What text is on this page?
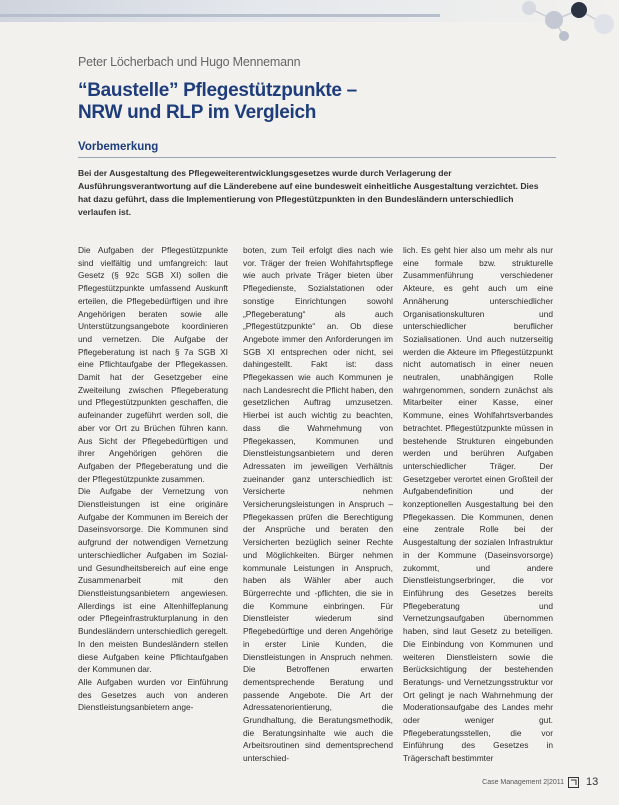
Peter Löcherbach und Hugo Mennemann
“Baustelle” Pflegestützpunkte –
NRW und RLP im Vergleich
Vorbemerkung
Bei der Ausgestaltung des Pflegeweiterentwicklungsgesetzes wurde durch Verlagerung der Ausführungsverantwortung auf die Länderebene auf eine bundesweit einheitliche Ausgestaltung verzichtet. Dies hat dazu geführt, dass die Implementierung von Pflegestützpunkten in den Bundesländern unterschiedlich verlaufen ist.

Die Aufgaben der Pflegestützpunkte sind vielfältig und umfangreich: laut Gesetz (§ 92c SGB XI) sollen die Pflegestützpunkte umfassend Auskunft erteilen, die Pflegebedürftigen und ihre Angehörigen beraten sowie alle Unterstützungsangebote koordinieren und vernetzen. Die Aufgabe der Pflegeberatung ist nach § 7a SGB XI eine Pflichtaufgabe der Pflegekassen. Damit hat der Gesetzgeber eine Zweiteilung zwischen Pflegeberatung und Pflegestützpunkten geschaffen, die aufeinander zugeführt werden soll, die aber vor Ort zu Brüchen führen kann. Aus Sicht der Pflegebedürftigen und ihrer Angehörigen gehören die Aufgaben der Pflegeberatung und die der Pflegestützpunkte zusammen.

Die Aufgabe der Vernetzung von Dienstleistungen ist eine originäre Aufgabe der Kommunen im Bereich der Daseinsvorsorge. Die Kommunen sind aufgrund der notwendigen Vernetzung unterschiedlicher Aufgaben im Sozial- und Gesundheitsbereich auf eine enge Zusammenarbeit mit den Dienstleistungsanbietern angewiesen. Allerdings ist eine Altenhilfeplanung oder Pflegeinfrastrukturplanung in den Bundesländern unterschiedlich geregelt. In den meisten Bundesländern stellen diese Aufgaben keine Pflichtaufgaben der Kommunen dar.

Alle Aufgaben wurden vor Einführung des Gesetzes auch von anderen Dienstleistungsanbietern ange-

boten, zum Teil erfolgt dies nach wie vor. Träger der freien Wohlfahrtspflege wie auch private Träger bieten über Pflegedienste, Sozialstationen oder sonstige Einrichtungen sowohl „Pflegeberatung“ als auch „Pflegestützpunkte“ an. Ob diese Angebote immer den Anforderungen im SGB XI entsprechen oder nicht, sei dahingestellt. Fakt ist: dass Pflegekassen wie auch Kommunen je nach Landesrecht die Pflicht haben, den gesetzlichen Auftrag umzusetzen. Hierbei ist auch wichtig zu beachten, dass die Wahrnehmung von Pflegekassen, Kommunen und Dienstleistungsanbietern und deren Adressaten im jeweiligen Verhältnis zueinander ganz unterschiedlich ist: Versicherte nehmen Versicherungsleistungen in Anspruch – Pflegekassen prüfen die Berechtigung der Ansprüche und beraten den Versicherten bezüglich seiner Rechte und Möglichkeiten. Bürger nehmen kommunale Leistungen in Anspruch, haben als Wähler aber auch Bürgerrechte und -pflichten, die sie in die Kommune einbringen. Für Dienstleister wiederum sind Pflegebedürftige und deren Angehörige in erster Linie Kunden, die Dienstleistungen in Anspruch nehmen. Die Betroffenen erwarten dementsprechende Beratung und passende Angebote. Die Art der Adressatenorientierung, die Grundhaltung, die Beratungsmethodik, die Beratungsinhalte wie auch die Arbeitsroutinen sind dementsprechend unterschied-

lich. Es geht hier also um mehr als nur eine formale bzw. strukturelle Zusammenführung verschiedener Akteure, es geht auch um eine Annäherung unterschiedlicher Organisationskulturen und unterschiedlicher beruflicher Sozialisationen. Und auch nutzerseitig werden die Akteure im Pflegestützpunkt nicht automatisch in einer neuen neutralen, unabhängigen Rolle wahrgenommen, sondern zunächst als Mitarbeiter einer Kasse, einer Kommune, eines Wohlfahrtsverbandes betrachtet. Pflegestützpunkte müssen in bestehende Strukturen eingebunden werden und berühren Aufgaben unterschiedlicher Träger. Der Gesetzgeber verortet einen Großteil der Aufgabendefinition und der konzeptionellen Ausgestaltung bei den Pflegekassen. Die Kommunen, denen eine zentrale Rolle bei der Ausgestaltung der sozialen Infrastruktur in der Kommune (Daseinsvorsorge) zukommt, und andere Dienstleistungserbringer, die vor Einführung des Gesetzes bereits Pflegeberatung und Vernetzungsaufgaben übernommen haben, sind laut Gesetz zu beteiligen. Die Einbindung von Kommunen und weiteren Dienstleistern sowie die Berücksichtigung der bestehenden Beratungs- und Vernetzungsstruktur vor Ort gelingt je nach Wahrnehmung der Moderationsaufgabe des Landes mehr oder weniger gut. Pflegeberatungsstellen, die vor Einführung des Gesetzes in Trägerschaft bestimmter

Case Management 2|2011 13
